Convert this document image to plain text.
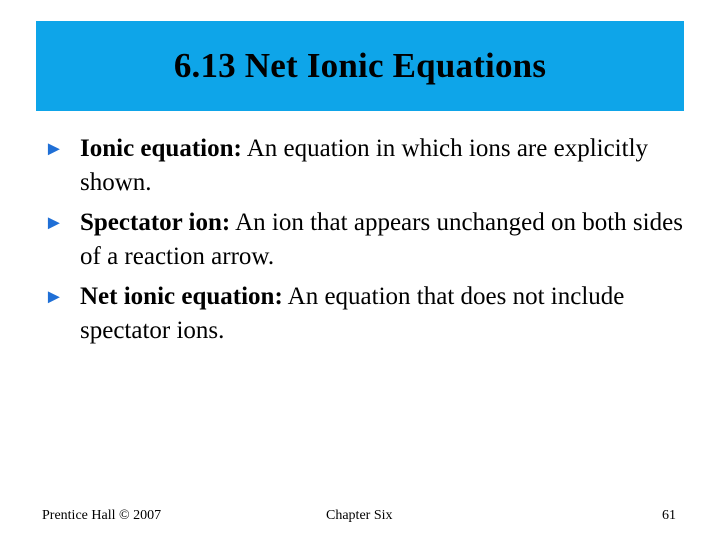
6.13 Net Ionic Equations
► Ionic equation: An equation in which ions are explicitly shown.
► Spectator ion: An ion that appears unchanged on both sides of a reaction arrow.
► Net ionic equation: An equation that does not include spectator ions.
Prentice Hall © 2007	Chapter Six	61
